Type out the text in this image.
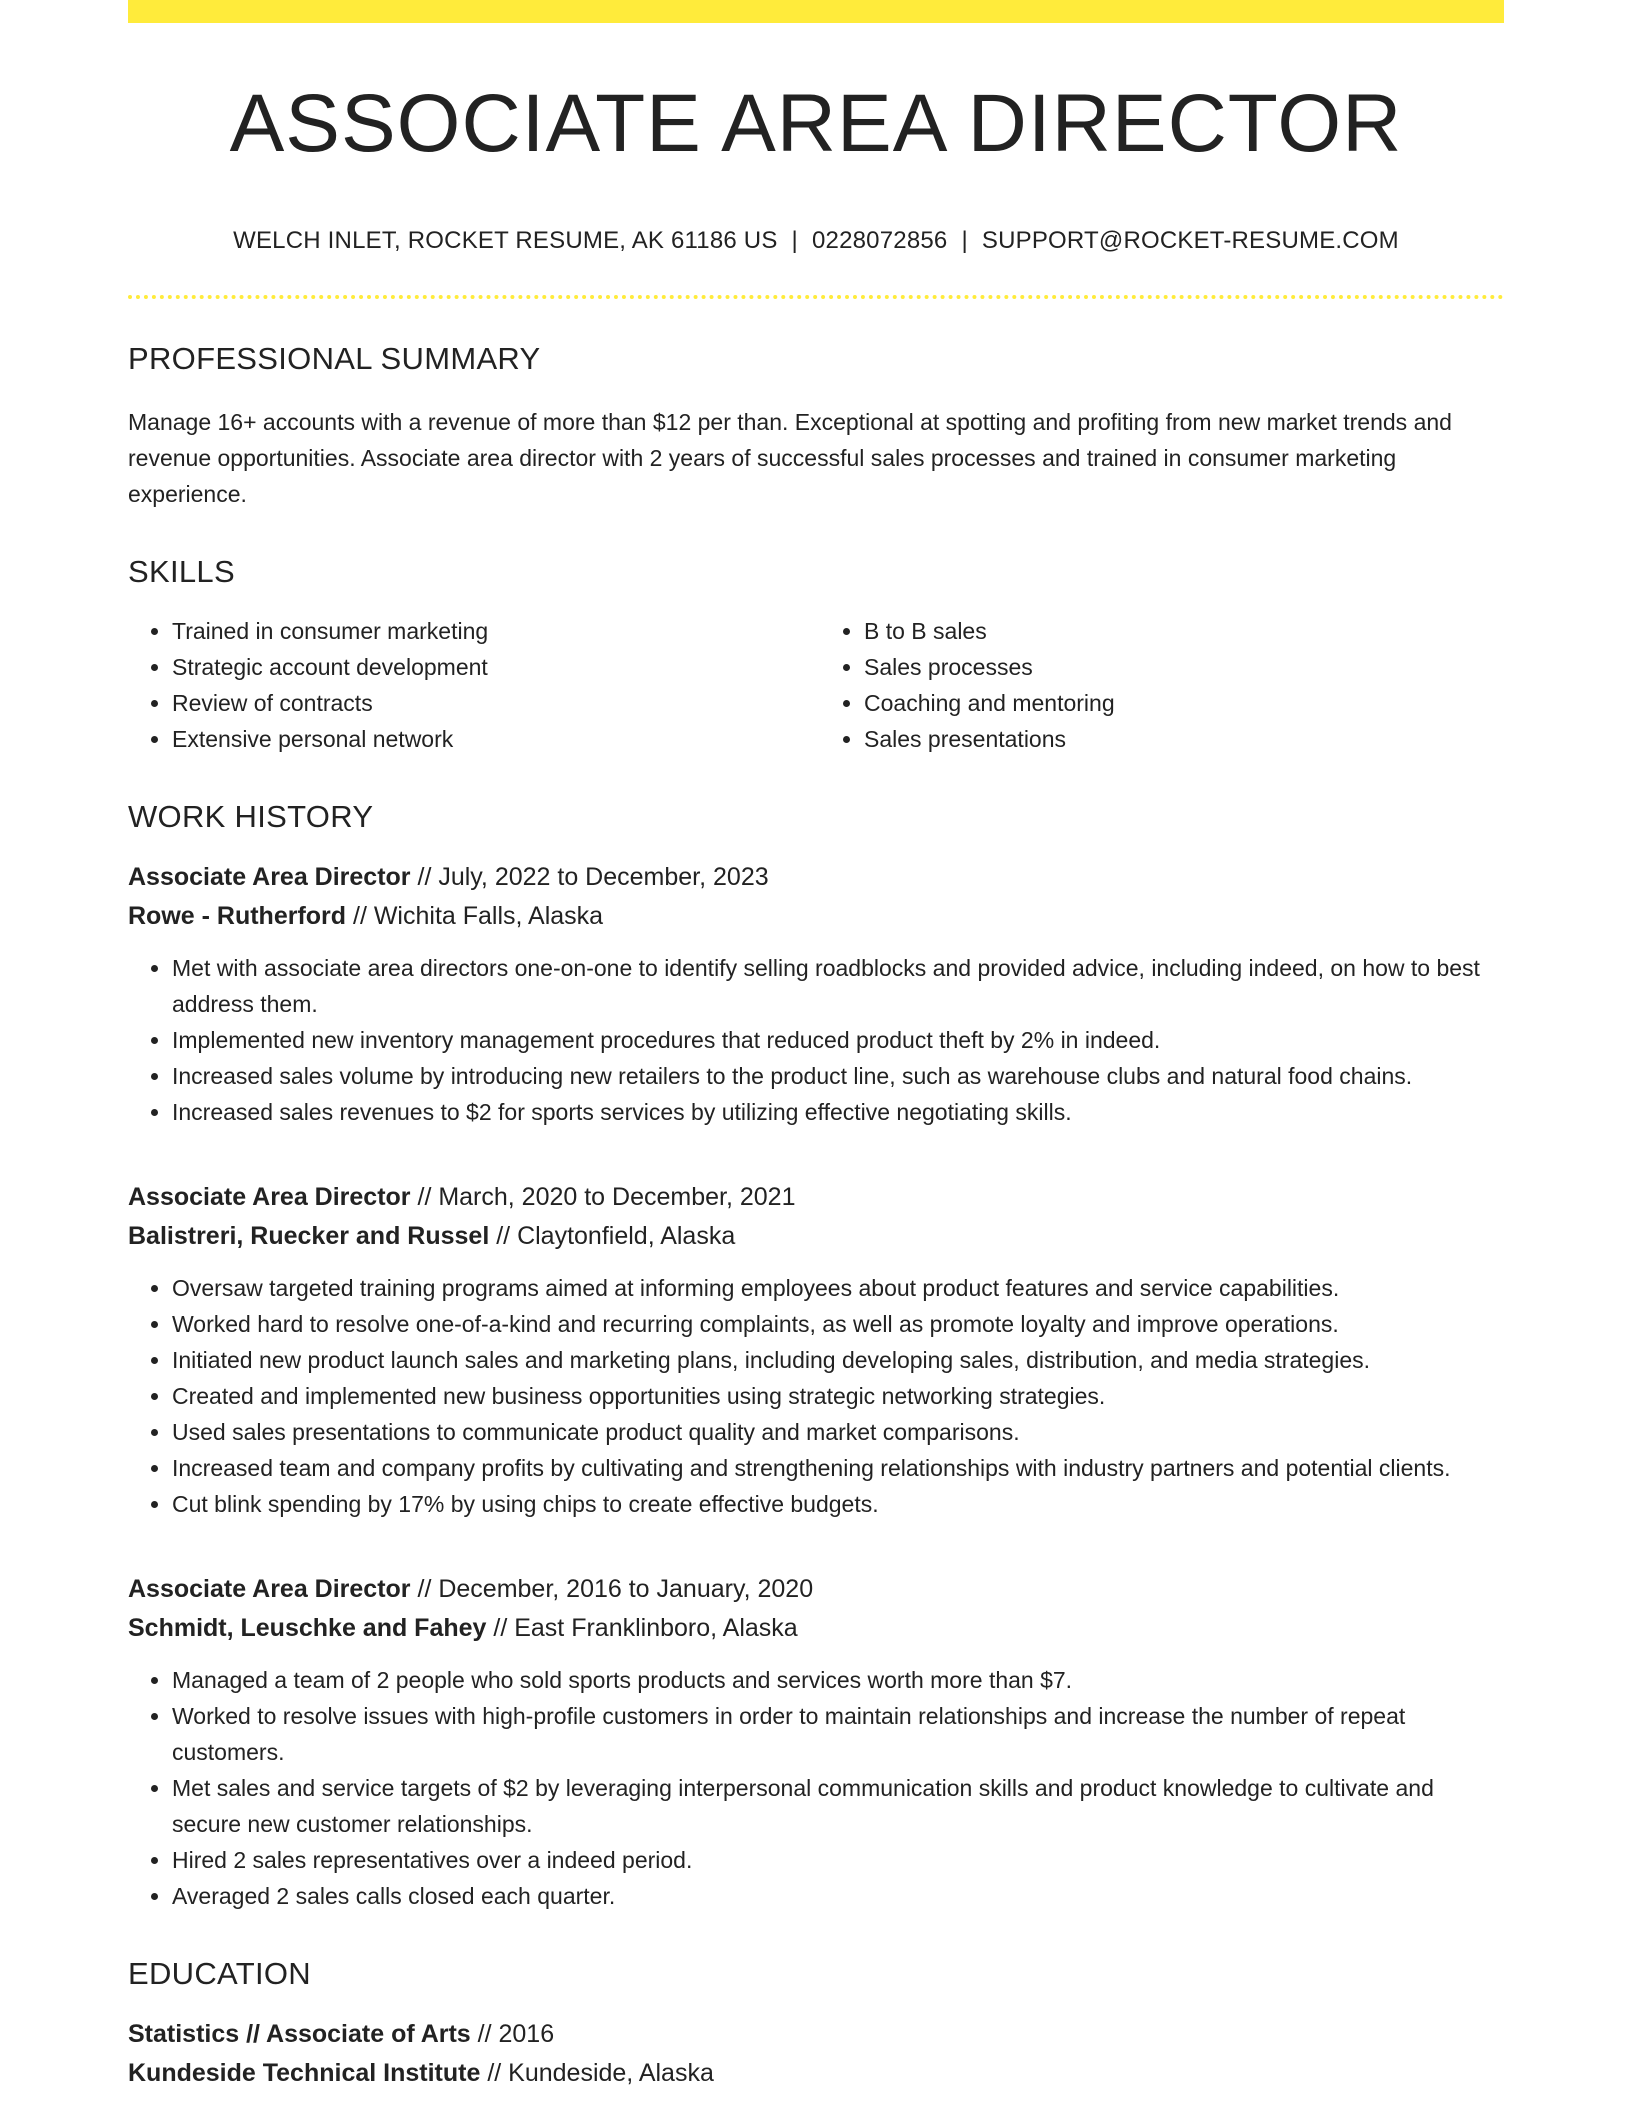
ASSOCIATE AREA DIRECTOR
WELCH INLET, ROCKET RESUME, AK 61186 US | 0228072856 | SUPPORT@ROCKET-RESUME.COM
PROFESSIONAL SUMMARY

Manage 16+ accounts with a revenue of more than $12 per than. Exceptional at spotting and profiting from new market trends and revenue opportunities. Associate area director with 2 years of successful sales processes and trained in consumer marketing experience.

SKILLS
• Trained in consumer marketing
• Strategic account development
• Review of contracts
• Extensive personal network
• B to B sales
• Sales processes
• Coaching and mentoring
• Sales presentations
WORK HISTORY
Associate Area Director // July, 2022 to December, 2023
Rowe - Rutherford // Wichita Falls, Alaska
• Met with associate area directors one-on-one to identify selling roadblocks and provided advice, including indeed, on how to best address them.
• Implemented new inventory management procedures that reduced product theft by 2% in indeed.
• Increased sales volume by introducing new retailers to the product line, such as warehouse clubs and natural food chains.
• Increased sales revenues to $2 for sports services by utilizing effective negotiating skills.
Associate Area Director // March, 2020 to December, 2021
Balistreri, Ruecker and Russel // Claytonfield, Alaska
• Oversaw targeted training programs aimed at informing employees about product features and service capabilities.
• Worked hard to resolve one-of-a-kind and recurring complaints, as well as promote loyalty and improve operations.
• Initiated new product launch sales and marketing plans, including developing sales, distribution, and media strategies.
• Created and implemented new business opportunities using strategic networking strategies.
• Used sales presentations to communicate product quality and market comparisons.
• Increased team and company profits by cultivating and strengthening relationships with industry partners and potential clients.
• Cut blink spending by 17% by using chips to create effective budgets.
Associate Area Director // December, 2016 to January, 2020
Schmidt, Leuschke and Fahey // East Franklinboro, Alaska
• Managed a team of 2 people who sold sports products and services worth more than $7.
• Worked to resolve issues with high-profile customers in order to maintain relationships and increase the number of repeat customers.
• Met sales and service targets of $2 by leveraging interpersonal communication skills and product knowledge to cultivate and secure new customer relationships.
• Hired 2 sales representatives over a indeed period.
• Averaged 2 sales calls closed each quarter.
EDUCATION
Statistics // Associate of Arts // 2016
Kundeside Technical Institute // Kundeside, Alaska
